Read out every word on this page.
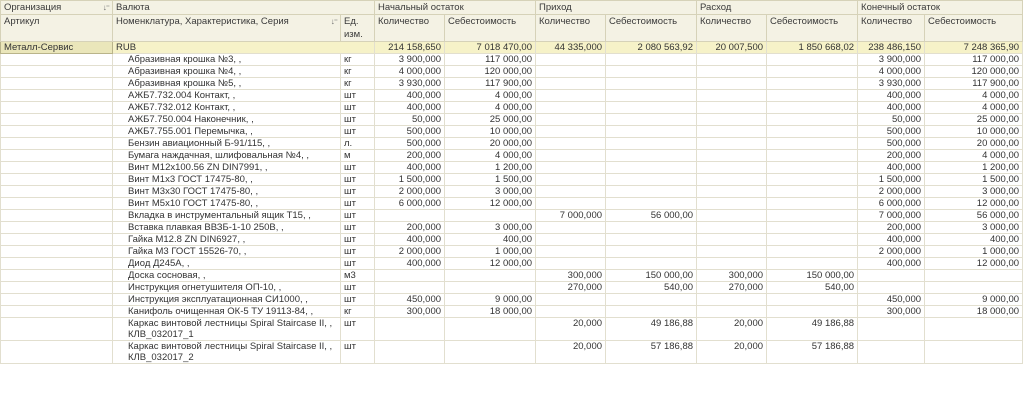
Организация ↓⁼	Валюта		Начальный остаток		Приход		Расход		Конечный остаток	
Артикул	Номенклатура, Характеристика, Серия ↓⁼	Ед. изм.	Количество	Себестоимость	Количество	Себестоимость	Количество	Себестоимость	Количество	Себестоимость
Металл-Сервис	RUB		214 158,650	7 018 470,00	44 335,000	2 080 563,92	20 007,500	1 850 668,02	238 486,150	7 248 365,90
	Абразивная крошка №3, ,	кг	3 900,000	117 000,00					3 900,000	117 000,00
	Абразивная крошка №4, ,	кг	4 000,000	120 000,00					4 000,000	120 000,00
	Абразивная крошка №5, ,	кг	3 930,000	117 900,00					3 930,000	117 900,00
	АЖБ7.732.004 Контакт, ,	шт	400,000	4 000,00					400,000	4 000,00
	АЖБ7.732.012 Контакт, ,	шт	400,000	4 000,00					400,000	4 000,00
	АЖБ7.750.004 Наконечник, ,	шт	50,000	25 000,00					50,000	25 000,00
	АЖБ7.755.001 Перемычка, ,	шт	500,000	10 000,00					500,000	10 000,00
	Бензин авиационный Б-91/115, ,	л.	500,000	20 000,00					500,000	20 000,00
	Бумага наждачная, шлифовальная №4, ,	м	200,000	4 000,00					200,000	4 000,00
	Винт М12х100.56 ZN DIN7991, ,	шт	400,000	1 200,00					400,000	1 200,00
	Винт М1х3 ГОСТ 17475-80, ,	шт	1 500,000	1 500,00					1 500,000	1 500,00
	Винт М3х30 ГОСТ 17475-80, ,	шт	2 000,000	3 000,00					2 000,000	3 000,00
	Винт М5х10 ГОСТ 17475-80, ,	шт	6 000,000	12 000,00					6 000,000	12 000,00
	Вкладка в инструментальный ящик Т15, ,	шт			7 000,000	56 000,00			7 000,000	56 000,00
	Вставка плавкая ВВЗБ-1-10 250В, ,	шт	200,000	3 000,00					200,000	3 000,00
	Гайка М12.8 ZN DIN6927, ,	шт	400,000	400,00					400,000	400,00
	Гайка М3 ГОСТ 15526-70, ,	шт	2 000,000	1 000,00					2 000,000	1 000,00
	Диод Д245А, ,	шт	400,000	12 000,00					400,000	12 000,00
	Доска сосновая, ,	м3			300,000	150 000,00	300,000	150 000,00		
	Инструкция огнетушителя ОП-10, ,	шт			270,000	540,00	270,000	540,00		
	Инструкция эксплуатационная СИ1000, ,	шт	450,000	9 000,00					450,000	9 000,00
	Канифоль очищенная ОК-5 ТУ 19113-84, ,	кг	300,000	18 000,00					300,000	18 000,00
	Каркас винтовой лестницы Spiral Staircase II, , КЛВ_032017_1	шт			20,000	49 186,88	20,000	49 186,88		
	Каркас винтовой лестницы Spiral Staircase II, , КЛВ_032017_2	шт			20,000	57 186,88	20,000	57 186,88		
